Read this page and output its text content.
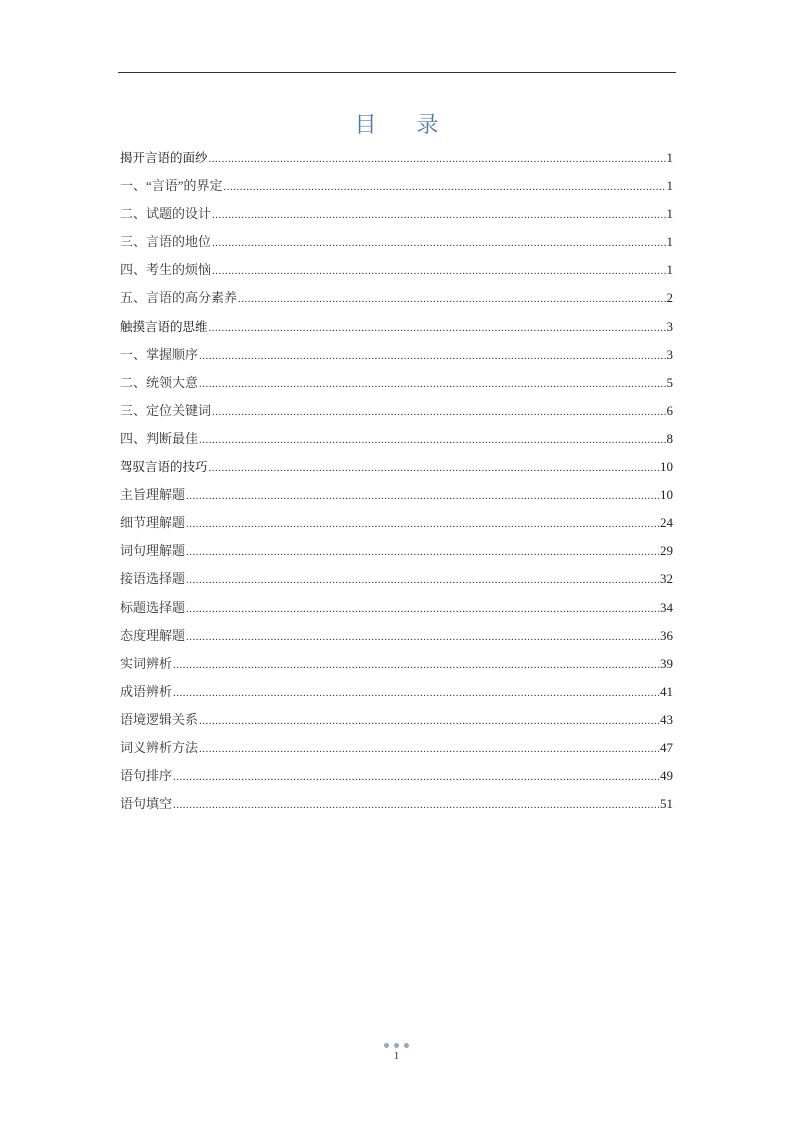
目 录
揭开言语的面纱 .....	1
一、“言语”的界定 .....	1
二、试题的设计 .....	1
三、言语的地位 .....	1
四、考生的烦恼 .....	1
五、言语的高分素养 .....	2
触摸言语的思维 .....	3
一、掌握顺序 .....	3
二、统领大意 .....	5
三、定位关键词 .....	6
四、判断最佳 .....	8
驾驭言语的技巧 .....	10
主旨理解题 .....	10
细节理解题 .....	24
词句理解题 .....	29
接语选择题 .....	32
标题选择题 .....	34
态度理解题 .....	36
实词辨析 .....	39
成语辨析 .....	41
语境逻辑关系 .....	43
词义辨析方法 .....	47
语句排序 .....	49
语句填空 .....	51
1
